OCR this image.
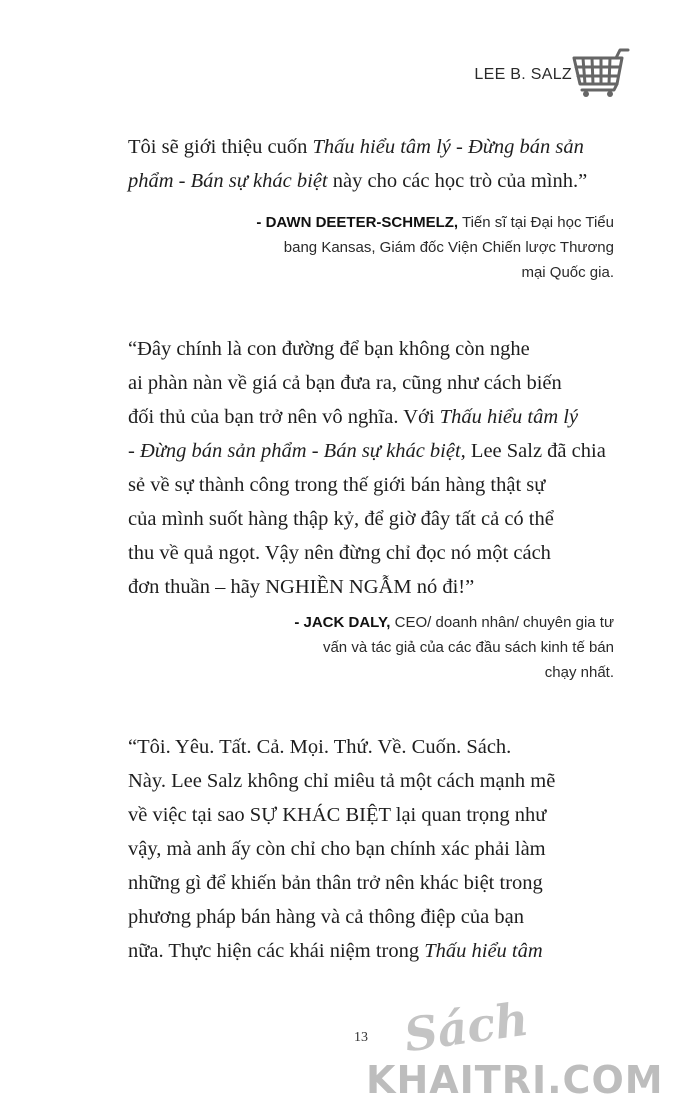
LEE B. SALZ

Tôi sẽ giới thiệu cuốn Thấu hiểu tâm lý - Đừng bán sản
phẩm - Bán sự khác biệt này cho các học trò của mình.”

- DAWN DEETER-SCHMELZ, Tiến sĩ tại Đại học Tiểu
bang Kansas, Giám đốc Viện Chiến lược Thương
mại Quốc gia.

“Đây chính là con đường để bạn không còn nghe
ai phàn nàn về giá cả bạn đưa ra, cũng như cách biến
đối thủ của bạn trở nên vô nghĩa. Với Thấu hiểu tâm lý
- Đừng bán sản phẩm - Bán sự khác biệt, Lee Salz đã chia
sẻ về sự thành công trong thế giới bán hàng thật sự
của mình suốt hàng thập kỷ, để giờ đây tất cả có thể
thu về quả ngọt. Vậy nên đừng chỉ đọc nó một cách
đơn thuần – hãy NGHIỀN NGẪM nó đi!”

- JACK DALY, CEO/ doanh nhân/ chuyên gia tư
vấn và tác giả của các đầu sách kinh tế bán
chạy nhất.

“Tôi. Yêu. Tất. Cả. Mọi. Thứ. Về. Cuốn. Sách.
Này. Lee Salz không chỉ miêu tả một cách mạnh mẽ
về việc tại sao SỰ KHÁC BIỆT lại quan trọng như
vậy, mà anh ấy còn chỉ cho bạn chính xác phải làm
những gì để khiến bản thân trở nên khác biệt trong
phương pháp bán hàng và cả thông điệp của bạn
nữa. Thực hiện các khái niệm trong Thấu hiểu tâm

13 Sách
KHAITRI.COM
